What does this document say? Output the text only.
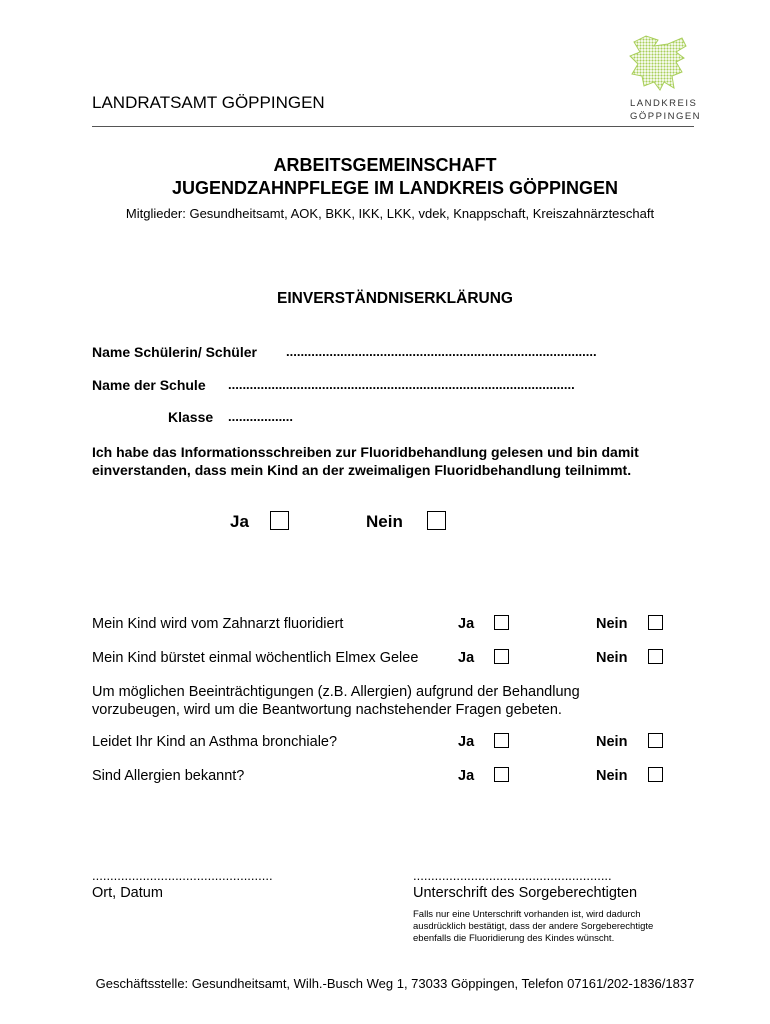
LANDRATSAMT GÖPPINGEN	LANDKREIS
GÖPPINGEN
ARBEITSGEMEINSCHAFT
JUGENDZAHNPFLEGE IM LANDKREIS GÖPPINGEN
Mitglieder: Gesundheitsamt, AOK, BKK, IKK, LKK, vdek, Knappschaft, Kreiszahnärzteschaft
EINVERSTÄNDNISERKLÄRUNG
Name Schülerin/ Schüler ......................................................................................
Name der Schule ................................................................................................
Klasse ..................
Ich habe das Informationsschreiben zur Fluoridbehandlung gelesen und bin damit einverstanden, dass mein Kind an der zweimaligen Fluoridbehandlung teilnimmt.
Ja	Nein
Mein Kind wird vom Zahnarzt fluoridiert	Ja	Nein
Mein Kind bürstet einmal wöchentlich Elmex Gelee	Ja	Nein
Um möglichen Beeinträchtigungen (z.B. Allergien) aufgrund der Behandlung vorzubeugen, wird um die Beantwortung nachstehender Fragen gebeten.
Leidet Ihr Kind an Asthma bronchiale?	Ja	Nein
Sind Allergien bekannt?	Ja	Nein
..................................................
Ort, Datum
.......................................................
Unterschrift des Sorgeberechtigten
Falls nur eine Unterschrift vorhanden ist, wird dadurch ausdrücklich bestätigt, dass der andere Sorgeberechtigte ebenfalls die Fluoridierung des Kindes wünscht.
Geschäftsstelle: Gesundheitsamt, Wilh.-Busch Weg 1, 73033 Göppingen, Telefon 07161/202-1836/1837
